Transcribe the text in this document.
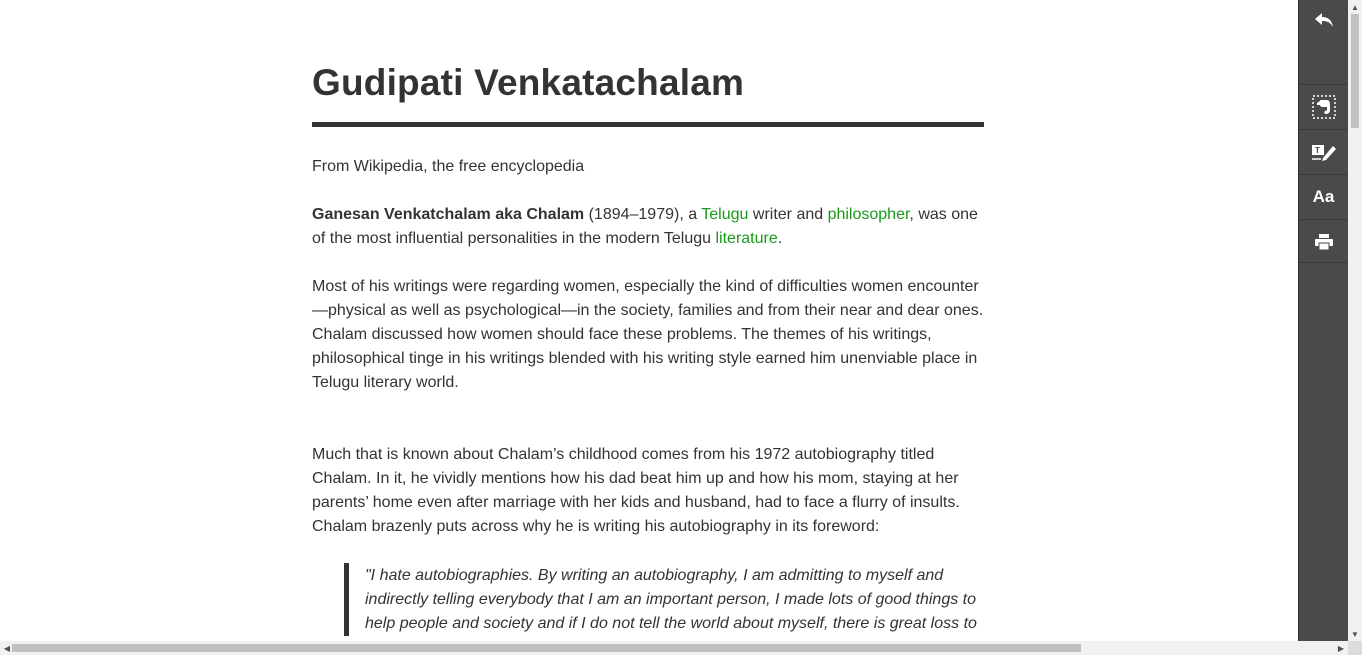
Gudipati Venkatachalam

From Wikipedia, the free encyclopedia

Ganesan Venkatchalam aka Chalam (1894–1979), a Telugu writer and philosopher, was one of the most influential personalities in the modern Telugu literature.

Most of his writings were regarding women, especially the kind of difficulties women encounter —physical as well as psychological—in the society, families and from their near and dear ones. Chalam discussed how women should face these problems. The themes of his writings, philosophical tinge in his writings blended with his writing style earned him unenviable place in Telugu literary world.

Much that is known about Chalam’s childhood comes from his 1972 autobiography titled Chalam. In it, he vividly mentions how his dad beat him up and how his mom, staying at her parents’ home even after marriage with her kids and husband, had to face a flurry of insults. Chalam brazenly puts across why he is writing his autobiography in its foreword:

"I hate autobiographies. By writing an autobiography, I am admitting to myself and indirectly telling everybody that I am an important person, I made lots of good things to help people and society and if I do not tell the world about myself, there is great loss to

T
Aa
▲
▼
◀	▶
